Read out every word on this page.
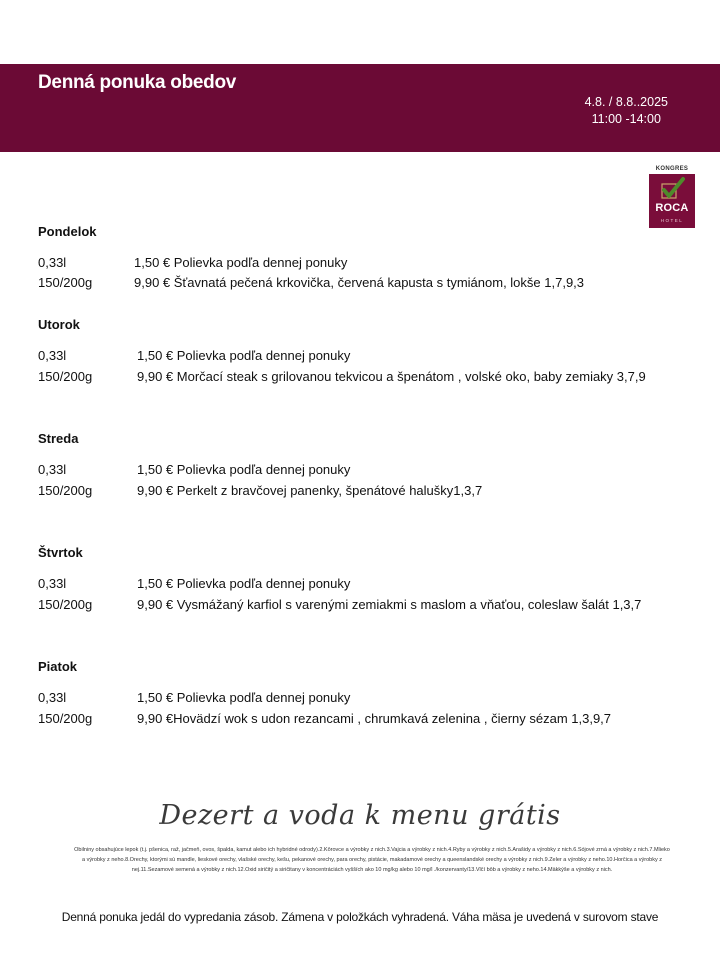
Denná ponuka obedov
4.8. / 8.8..2025
11:00 -14:00
KONGRES
ROCA
HOTEL
Pondelok
0,33l	1,50 € Polievka podľa dennej ponuky
150/200g	9,90 € Šťavnatá pečená krkovička, červená kapusta s tymiánom, lokše 1,7,9,3
Utorok
0,33l	1,50 € Polievka podľa dennej ponuky
150/200g	9,90 € Morčací steak s grilovanou tekvicou a špenátom , volské oko, baby zemiaky 3,7,9
Streda
0,33l	1,50 € Polievka podľa dennej ponuky
150/200g	9,90 € Perkelt z bravčovej panenky, špenátové halušky1,3,7
Štvrtok
0,33l	1,50 € Polievka podľa dennej ponuky
150/200g	9,90 € Vysmážaný karfiol s varenými zemiakmi s maslom a vňaťou, coleslaw šalát 1,3,7
Piatok
0,33l	1,50 € Polievka podľa dennej ponuky
150/200g	9,90 €Hovädzí wok s udon rezancami , chrumkavá zelenina , čierny sézam 1,3,9,7
Dezert a voda k menu grátis
Obilniny obsahujúce lepok (t.j. pšenica, raž, jačmeň, ovos, špalda, kamut alebo ich hybridné odrody).2.Kôrovce a výrobky z nich.3.Vajcia a výrobky z nich.4.Ryby a výrobky z nich.5.Arašidy a výrobky z nich.6.Sójové zrná a výrobky z nich.7.Mlieko a výrobky z neho.8.Orechy, ktorými sú mandle, lieskové orechy, vlašské orechy, kešu, pekanové orechy, para orechy, pistácie, makadamové orechy a queenslandské orechy a výrobky z nich.9.Zeler a výrobky z neho.10.Horčica a výrobky z nej.11.Sezamové semená a výrobky z nich.12.Oxid siričitý a siričitany v koncentráciách vyšších ako 10 mg/kg alebo 10 mg/l ./konzervanty/13.Vlčí bôb a výrobky z neho.14.Mäkkýše a výrobky z nich.
Denná ponuka jedál do vypredania zásob. Zámena v položkách vyhradená. Váha mäsa je uvedená v surovom stave
